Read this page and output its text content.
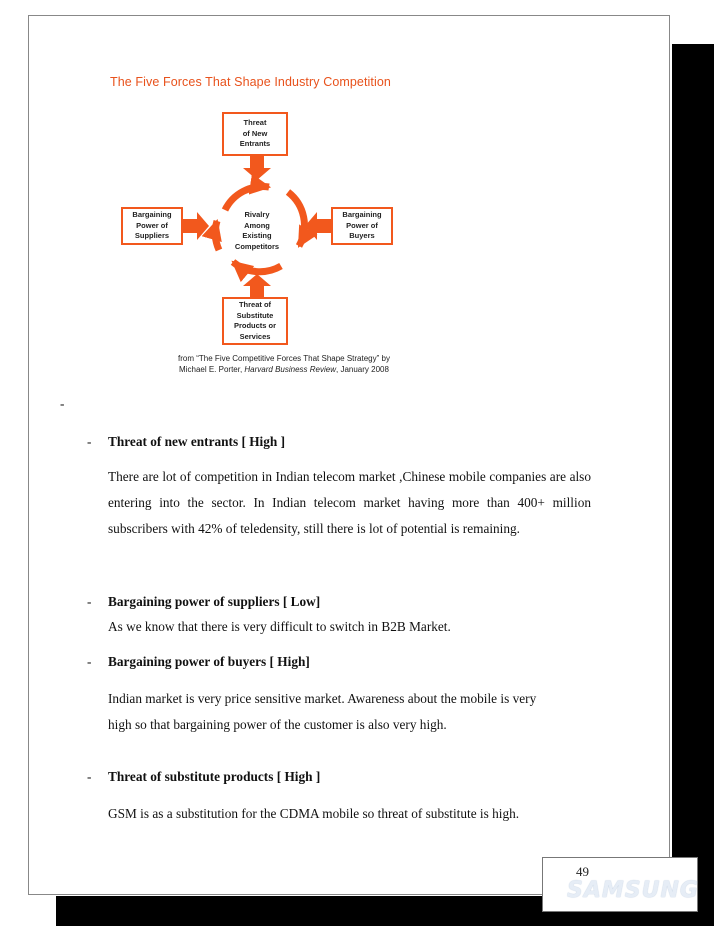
The Five Forces That Shape Industry Competition
Threat
of New
Entrants
Bargaining
Power of
Suppliers
Rivalry
Among
Existing
Competitors
Bargaining
Power of
Buyers
Threat of
Substitute
Products or
Services
from “The Five Competitive Forces That Shape Strategy” by
Michael E. Porter, Harvard Business Review, January 2008
-
- Threat of new entrants [ High ]
There are lot of competition in Indian telecom market ,Chinese mobile companies are also entering into the sector. In Indian telecom market having more than 400+ million subscribers with 42% of teledensity, still there is lot of potential is remaining.
- Bargaining power of suppliers [ Low]
As we know that there is very difficult to switch in B2B Market.
- Bargaining power of buyers [ High]
Indian market is very price sensitive market. Awareness about the mobile is very
high so that bargaining power of the customer is also very high.
- Threat of substitute products [ High ]
GSM is as a substitution for the CDMA mobile so threat of substitute is high.
49
SAMSUNG
